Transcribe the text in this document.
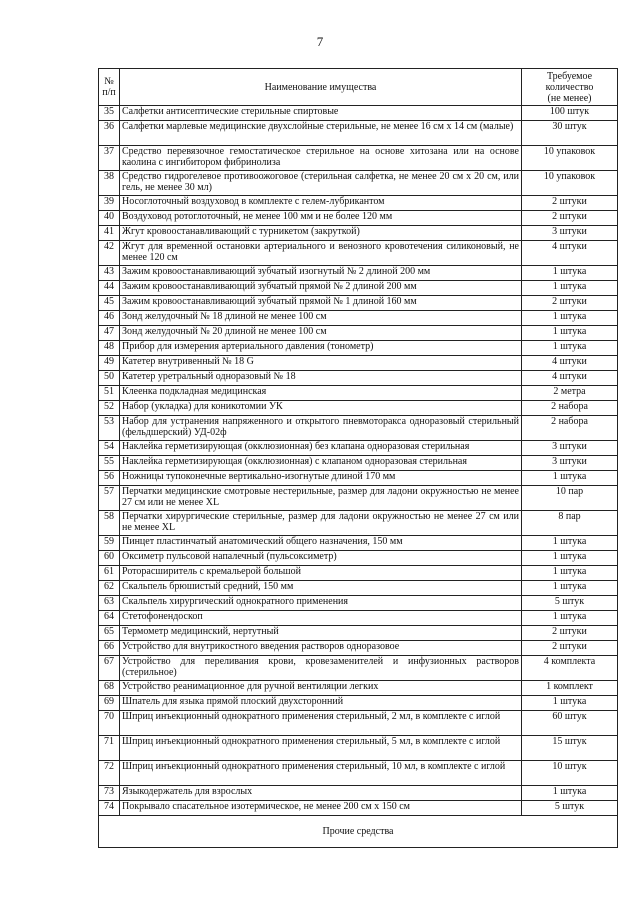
7
№
п/п	Наименование имущества	Требуемое
количество
(не менее)
35	Салфетки антисептические стерильные спиртовые	100 штук
36	Салфетки марлевые медицинские двухслойные стерильные, не менее 16 см х 14 см (малые)	30 штук
37	Средство перевязочное гемостатическое стерильное на основе хитозана или на основе каолина с ингибитором фибринолиза	10 упаковок
38	Средство гидрогелевое противоожоговое (стерильная салфетка, не менее 20 см х 20 см, или гель, не менее 30 мл)	10 упаковок
39	Носоглоточный воздуховод в комплекте с гелем-лубрикантом	2 штуки
40	Воздуховод ротоглоточный, не менее 100 мм и не более 120 мм	2 штуки
41	Жгут кровоостанавливающий с турникетом (закруткой)	3 штуки
42	Жгут для временной остановки артериального и венозного кровотечения силиконовый, не менее 120 см	4 штуки
43	Зажим кровоостанавливающий зубчатый изогнутый № 2 длиной 200 мм	1 штука
44	Зажим кровоостанавливающий зубчатый прямой № 2 длиной 200 мм	1 штука
45	Зажим кровоостанавливающий зубчатый прямой № 1 длиной 160 мм	2 штуки
46	Зонд желудочный № 18 длиной не менее 100 см	1 штука
47	Зонд желудочный № 20 длиной не менее 100 см	1 штука
48	Прибор для измерения артериального давления (тонометр)	1 штука
49	Катетер внутривенный № 18 G	4 штуки
50	Катетер уретральный одноразовый № 18	4 штуки
51	Клеенка подкладная медицинская	2 метра
52	Набор (укладка) для коникотомии УК	2 набора
53	Набор для устранения напряженного и открытого пневмоторакса одноразовый стерильный (фельдшерский) УД-02ф	2 набора
54	Наклейка герметизирующая (окклюзионная) без клапана одноразовая стерильная	3 штуки
55	Наклейка герметизирующая (окклюзионная) с клапаном одноразовая стерильная	3 штуки
56	Ножницы тупоконечные вертикально-изогнутые длиной 170 мм	1 штука
57	Перчатки медицинские смотровые нестерильные, размер для ладони окружностью не менее 27 см или не менее XL	10 пар
58	Перчатки хирургические стерильные, размер для ладони окружностью не менее 27 см или не менее XL	8 пар
59	Пинцет пластинчатый анатомический общего назначения, 150 мм	1 штука
60	Оксиметр пульсовой напалечный (пульсоксиметр)	1 штука
61	Роторасширитель с кремальерой большой	1 штука
62	Скальпель брюшистый средний, 150 мм	1 штука
63	Скальпель хирургический однократного применения	5 штук
64	Стетофонендоскоп	1 штука
65	Термометр медицинский, нертутный	2 штуки
66	Устройство для внутрикостного введения растворов одноразовое	2 штуки
67	Устройство для переливания крови, кровезаменителей и инфузионных растворов (стерильное)	4 комплекта
68	Устройство реанимационное для ручной вентиляции легких	1 комплект
69	Шпатель для языка прямой плоский двухсторонний	1 штука
70	Шприц инъекционный однократного применения стерильный, 2 мл, в комплекте с иглой	60 штук
71	Шприц инъекционный однократного применения стерильный, 5 мл, в комплекте с иглой	15 штук
72	Шприц инъекционный однократного применения стерильный, 10 мл, в комплекте с иглой	10 штук
73	Языкодержатель для взрослых	1 штука
74	Покрывало спасательное изотермическое, не менее 200 см х 150 см	5 штук
Прочие средства		
